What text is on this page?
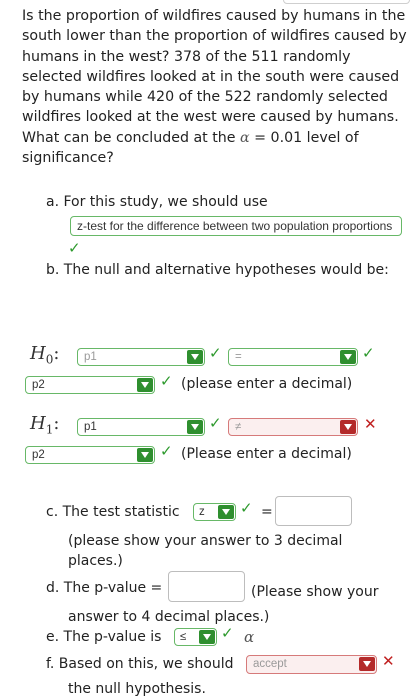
Is the proportion of wildfires caused by humans in the south lower than the proportion of wildfires caused by humans in the west? 378 of the 511 randomly selected wildfires looked at in the south were caused by humans while 420 of the 522 randomly selected wildfires looked at the west were caused by humans. What can be concluded at the α = 0.01 level of significance?
a. For this study, we should use
z-test for the difference between two population proportions
✓
b. The null and alternative hypotheses would be:
$H_0$: p1	✓ =	✓
p2	✓ (please enter a decimal)
$H_1$: p1	✓ ≠	✕
p2	✓ (Please enter a decimal)
c. The test statistic z ✓ =
(please show your answer to 3 decimal places.)
d. The p-value =	(Please show your answer to 4 decimal places.)
e. The p-value is ≤ ✓ α
f. Based on this, we should accept	✕
the null hypothesis.
